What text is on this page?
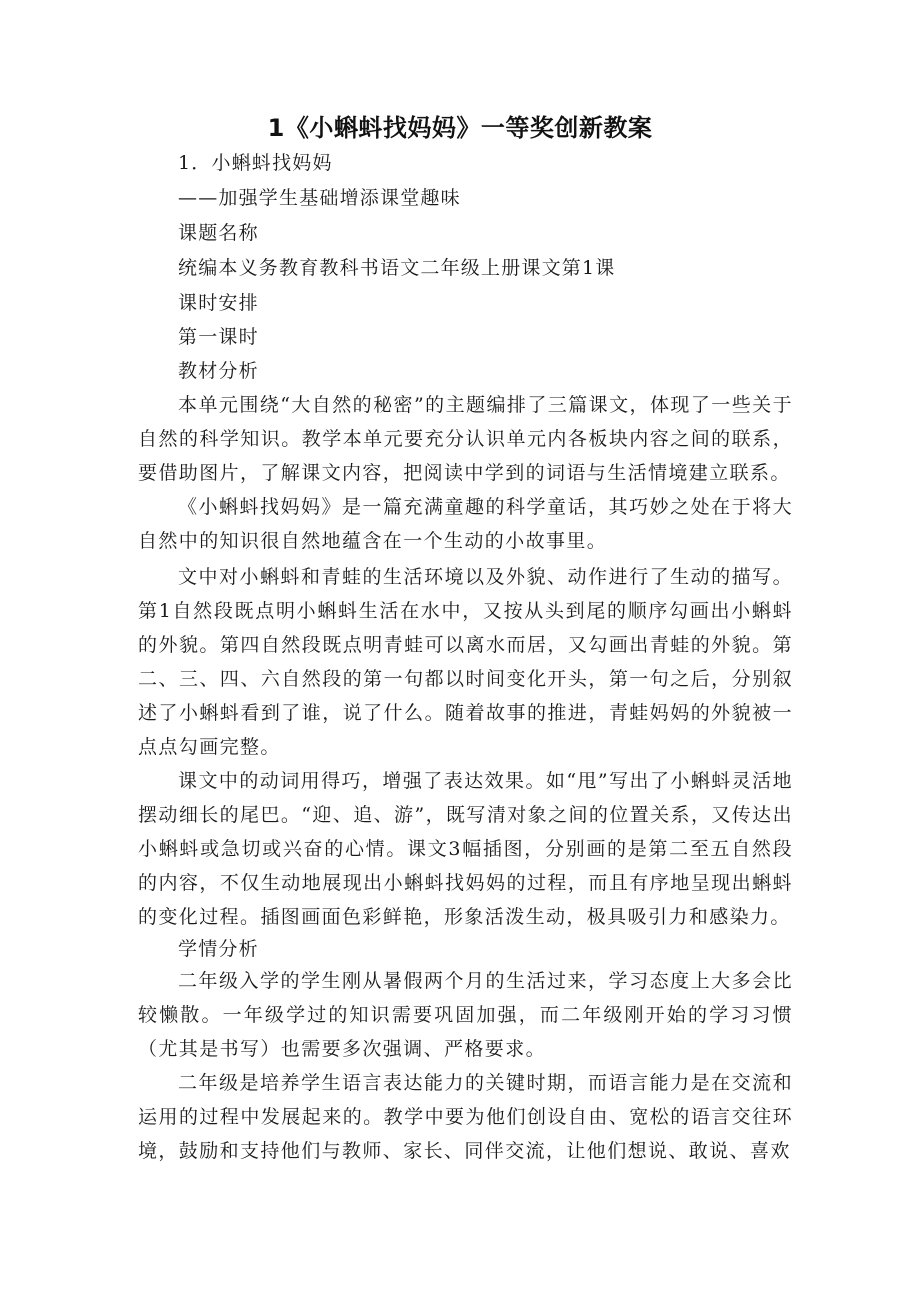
1《小蝌蚪找妈妈》一等奖创新教案

1．小蝌蚪找妈妈

——加强学生基础增添课堂趣味

课题名称

统编本义务教育教科书语文二年级上册课文第1课

课时安排

第一课时

教材分析

本单元围绕“大自然的秘密”的主题编排了三篇课文，体现了一些关于自然的科学知识。教学本单元要充分认识单元内各板块内容之间的联系，要借助图片，了解课文内容，把阅读中学到的词语与生活情境建立联系。

《小蝌蚪找妈妈》是一篇充满童趣的科学童话，其巧妙之处在于将大自然中的知识很自然地蕴含在一个生动的小故事里。

文中对小蝌蚪和青蛙的生活环境以及外貌、动作进行了生动的描写。第1自然段既点明小蝌蚪生活在水中，又按从头到尾的顺序勾画出小蝌蚪的外貌。第四自然段既点明青蛙可以离水而居，又勾画出青蛙的外貌。第二、三、四、六自然段的第一句都以时间变化开头，第一句之后，分别叙述了小蝌蚪看到了谁，说了什么。随着故事的推进，青蛙妈妈的外貌被一点点勾画完整。

课文中的动词用得巧，增强了表达效果。如“甩”写出了小蝌蚪灵活地摆动细长的尾巴。“迎、追、游”，既写清对象之间的位置关系，又传达出小蝌蚪或急切或兴奋的心情。课文3幅插图，分别画的是第二至五自然段的内容，不仅生动地展现出小蝌蚪找妈妈的过程，而且有序地呈现出蝌蚪的变化过程。插图画面色彩鲜艳，形象活泼生动，极具吸引力和感染力。

学情分析

二年级入学的学生刚从暑假两个月的生活过来，学习态度上大多会比较懒散。一年级学过的知识需要巩固加强，而二年级刚开始的学习习惯（尤其是书写）也需要多次强调、严格要求。

二年级是培养学生语言表达能力的关键时期，而语言能力是在交流和运用的过程中发展起来的。教学中要为他们创设自由、宽松的语言交往环境，鼓励和支持他们与教师、家长、同伴交流，让他们想说、敢说、喜欢
